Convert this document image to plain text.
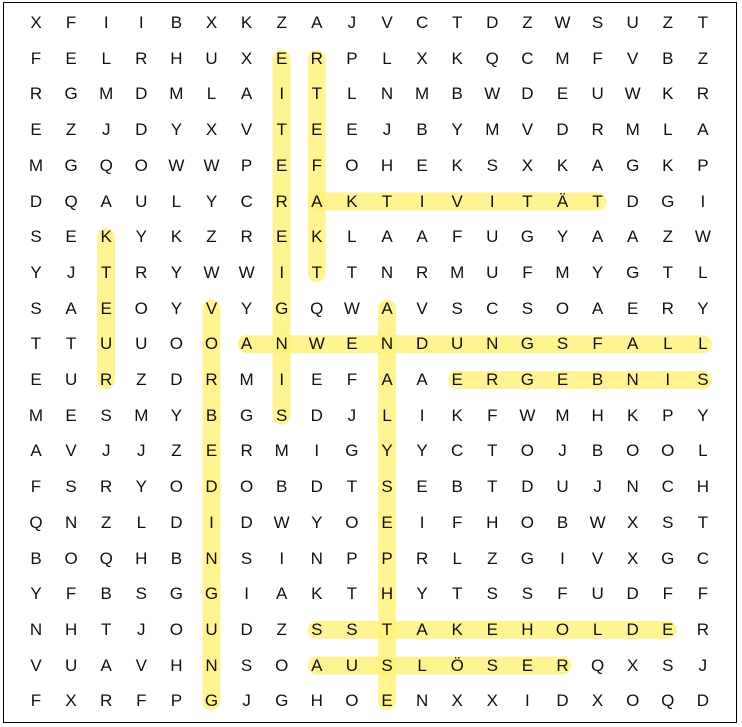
X	F	I	I	B	X	K	Z	A	J	V	C	T	D	Z	W	S	U	Z	T
F	E	L	R	H	U	X	E	R	P	L	X	K	Q	C	M	F	V	B	Z
R	G	M	D	M	L	A	I	T	L	N	M	B	W	D	E	U	W	K	R
E	Z	J	D	Y	X	V	T	E	E	J	B	Y	M	V	D	R	M	L	A
M	G	Q	O	W	W	P	E	F	O	H	E	K	S	X	K	A	G	K	P
D	Q	A	U	L	Y	C	R	A	K	T	I	V	I	T	Ä	T	D	G	I
S	E	K	Y	K	Z	R	E	K	L	A	A	F	U	G	Y	A	A	Z	W
Y	J	T	R	Y	W	W	I	T	T	N	R	M	U	F	M	Y	G	T	L
S	A	E	O	Y	V	Y	G	Q	W	A	V	S	C	S	O	A	E	R	Y
T	T	U	U	O	O	A	N	W	E	N	D	U	N	G	S	F	A	L	L
E	U	R	Z	D	R	M	I	E	F	A	A	E	R	G	E	B	N	I	S
M	E	S	M	Y	B	G	S	D	J	L	I	K	F	W	M	H	K	P	Y
A	V	J	J	Z	E	R	M	I	G	Y	Y	C	T	O	J	B	O	O	L
F	S	R	Y	O	D	O	B	D	T	S	E	B	T	D	U	J	N	C	H
Q	N	Z	L	D	I	D	W	Y	O	E	I	F	H	O	B	W	X	S	T
B	O	Q	H	B	N	S	I	N	P	P	R	L	Z	G	I	V	X	G	C
Y	F	B	S	G	G	I	A	K	T	H	Y	T	S	S	F	U	D	F	F
N	H	T	J	O	U	D	Z	S	S	T	A	K	E	H	O	L	D	E	R
V	U	A	V	H	N	S	O	A	U	S	L	Ö	S	E	R	Q	X	S	J
F	X	R	F	P	G	J	G	H	O	E	N	X	X	I	D	X	O	Q	D
